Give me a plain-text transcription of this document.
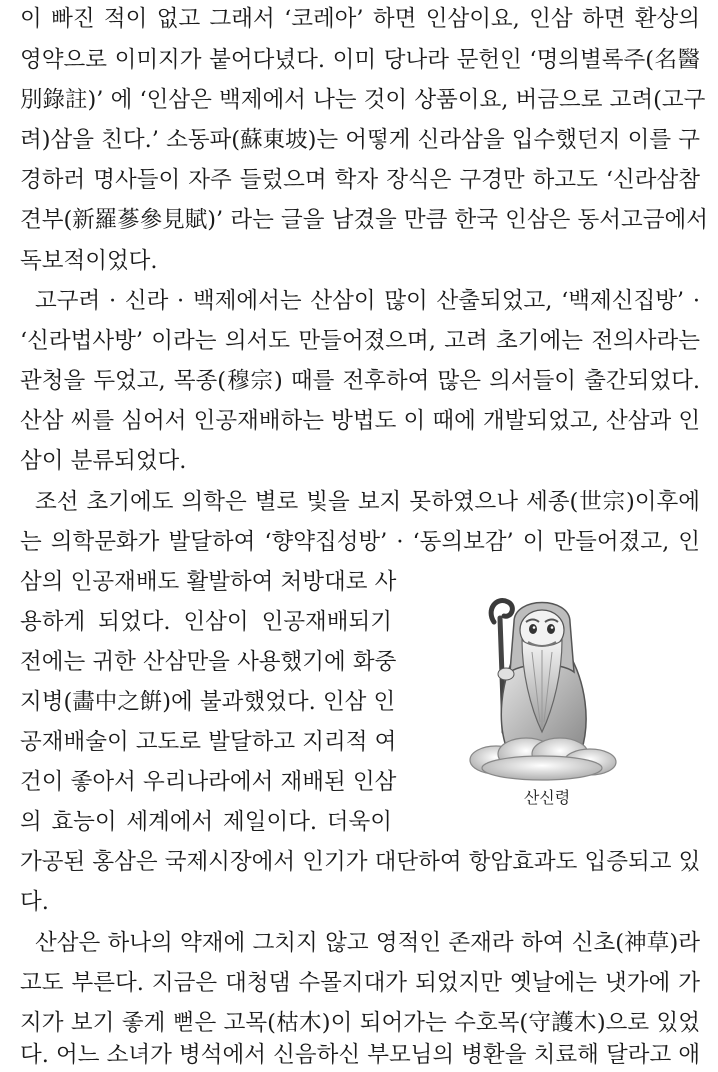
이 빠진 적이 없고 그래서 ‘코레아’ 하면 인삼이요, 인삼 하면 환상의
영약으로 이미지가 붙어다녔다. 이미 당나라 문헌인 ‘명의별록주(名醫
別錄註)’ 에 ‘인삼은 백제에서 나는 것이 상품이요, 버금으로 고려(고구
려)삼을 친다.’ 소동파(蘇東坡)는 어떻게 신라삼을 입수했던지 이를 구
경하러 명사들이 자주 들렀으며 학자 장식은 구경만 하고도 ‘신라삼참
견부(新羅蔘參見賦)’ 라는 글을 남겼을 만큼 한국 인삼은 동서고금에서
독보적이었다.
고구려 · 신라 · 백제에서는 산삼이 많이 산출되었고, ‘백제신집방’ ·
‘신라법사방’ 이라는 의서도 만들어졌으며, 고려 초기에는 전의사라는
관청을 두었고, 목종(穆宗) 때를 전후하여 많은 의서들이 출간되었다.
산삼 씨를 심어서 인공재배하는 방법도 이 때에 개발되었고, 산삼과 인
삼이 분류되었다.
조선 초기에도 의학은 별로 빛을 보지 못하였으나 세종(世宗)이후에
는 의학문화가 발달하여 ‘향약집성방’ · ‘동의보감’ 이 만들어졌고, 인
삼의 인공재배도 활발하여 처방대로 사
용하게 되었다. 인삼이 인공재배되기
전에는 귀한 산삼만을 사용했기에 화중
지병(畵中之餠)에 불과했었다. 인삼 인
공재배술이 고도로 발달하고 지리적 여
건이 좋아서 우리나라에서 재배된 인삼
의 효능이 세계에서 제일이다. 더욱이
가공된 홍삼은 국제시장에서 인기가 대단하여 항암효과도 입증되고 있
다.
산삼은 하나의 약재에 그치지 않고 영적인 존재라 하여 신초(神草)라
고도 부른다. 지금은 대청댐 수몰지대가 되었지만 옛날에는 냇가에 가
지가 보기 좋게 뻗은 고목(枯木)이 되어가는 수호목(守護木)으로 있었
다. 어느 소녀가 병석에서 신음하신 부모님의 병환을 치료해 달라고 애
산신령
